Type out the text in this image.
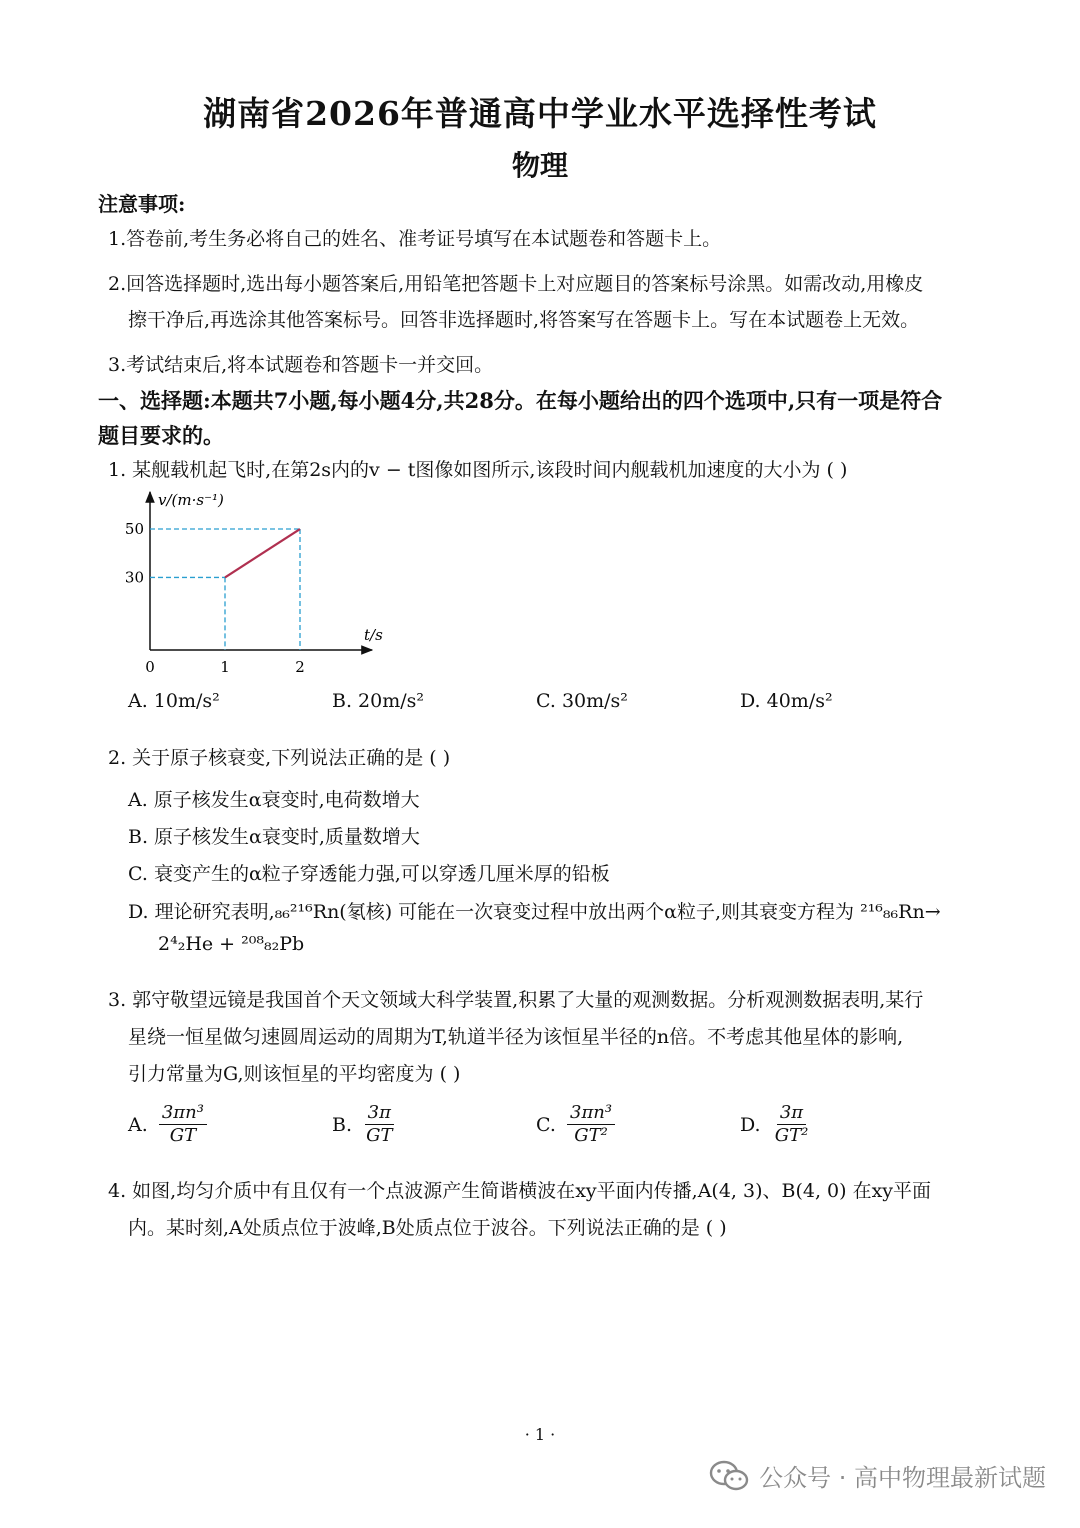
湖南省2026年普通高中学业水平选择性考试
物理
注意事项:
1.答卷前,考生务必将自己的姓名、准考证号填写在本试题卷和答题卡上。
2.回答选择题时,选出每小题答案后,用铅笔把答题卡上对应题目的答案标号涂黑。如需改动,用橡皮
擦干净后,再选涂其他答案标号。回答非选择题时,将答案写在答题卡上。写在本试题卷上无效。
3.考试结束后,将本试题卷和答题卡一并交回。
一、选择题:本题共7小题,每小题4分,共28分。在每小题给出的四个选项中,只有一项是符合
题目要求的。
1. 某舰载机起飞时,在第2s内的v − t图像如图所示,该段时间内舰载机加速度的大小为 ( )
1	2
30
50
v/(m·s⁻¹)
t/s
0
A. 10m/s²	B. 20m/s²	C. 30m/s²	D. 40m/s²
2. 关于原子核衰变,下列说法正确的是 ( )
A. 原子核发生α衰变时,电荷数增大
B. 原子核发生α衰变时,质量数增大
C. 衰变产生的α粒子穿透能力强,可以穿透几厘米厚的铅板
D. 理论研究表明,₈₆²¹⁶Rn(氡核) 可能在一次衰变过程中放出两个α粒子,则其衰变方程为 ²¹⁶₈₆Rn→
2⁴₂He + ²⁰⁸₈₂Pb
3. 郭守敬望远镜是我国首个天文领域大科学装置,积累了大量的观测数据。分析观测数据表明,某行
星绕一恒星做匀速圆周运动的周期为T,轨道半径为该恒星半径的n倍。不考虑其他星体的影响,
引力常量为G,则该恒星的平均密度为 ( )
A. $\frac{\text{3πn³}}{GT}$	B. $\frac{3\pi}{GT}$	C. $\frac{\text{3πn³}}{\text{GT²}}$	D. $\frac{3\pi}{\text{GT²}}$
4. 如图,均匀介质中有且仅有一个点波源产生简谐横波在xy平面内传播,A(4, 3)、B(4, 0) 在xy平面
内。某时刻,A处质点位于波峰,B处质点位于波谷。下列说法正确的是 ( )
· 1 ·
公众号 · 高中物理最新试题
